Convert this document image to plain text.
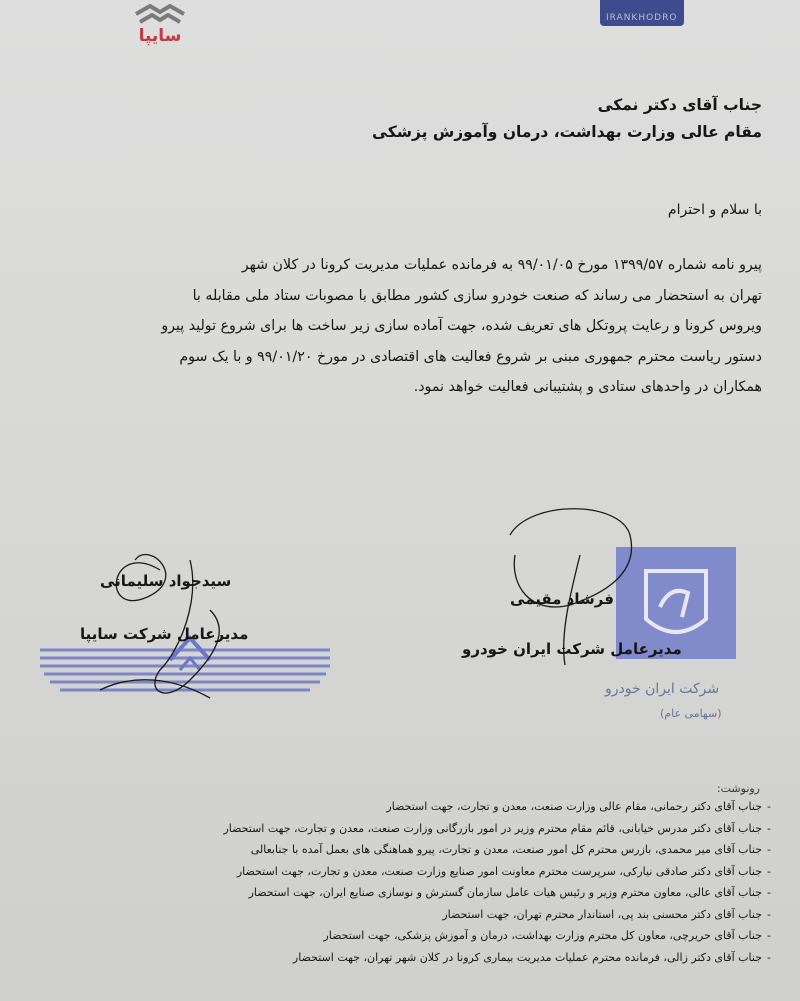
سایپا
IRANKHODRO
جناب آقای دکتر نمکی
مقام عالی وزارت بهداشت، درمان وآموزش پزشکی
با سلام و احترام

پیرو نامه شماره ۱۳۹۹/۵۷ مورخ ۹۹/۰۱/۰۵ به فرمانده عملیات مدیریت کرونا در کلان شهر

تهران به استحضار می رساند که صنعت خودرو سازی کشور مطابق با مصوبات ستاد ملی مقابله با

ویروس کرونا و رعایت پروتکل های تعریف شده، جهت آماده سازی زیر ساخت ها برای شروع تولید پیرو

دستور ریاست محترم جمهوری مبنی بر شروع فعالیت های اقتصادی در مورخ ۹۹/۰۱/۲۰ و با یک سوم

همکاران در واحدهای ستادی و پشتیبانی فعالیت خواهد نمود.

سیدجواد سلیمانی
مدیرعامل شرکت سایپا
فرشاد مقیمی
مدیرعامل شرکت ایران خودرو
شرکت ایران خودرو
(سهامی عام)
رونوشت:
-
جناب آقای دکتر رحمانی، مقام عالی وزارت صنعت، معدن و تجارت، جهت استحضار
-
جناب آقای دکتر مدرس خیابانی، قائم مقام محترم وزیر در امور بازرگانی وزارت صنعت، معدن و تجارت، جهت استحضار
-
جناب آقای میر محمدی، بازرس محترم کل امور صنعت، معدن و تجارت، پیرو هماهنگی های بعمل آمده با جنابعالی
-
جناب آقای دکتر صادقی نیارکی، سرپرست محترم معاونت امور صنایع وزارت صنعت، معدن و تجارت، جهت استحضار
-
جناب آقای عالی، معاون محترم وزیر و رئیس هیات عامل سازمان گسترش و نوسازی صنایع ایران، جهت استحضار
-
جناب آقای دکتر محسنی بند پی، استاندار محترم تهران، جهت استحضار
-
جناب آقای حریرچی، معاون کل محترم وزارت بهداشت، درمان و آموزش پزشکی، جهت استحضار
-
جناب آقای دکتر زالی، فرمانده محترم عملیات مدیریت بیماری کرونا در کلان شهر تهران، جهت استحضار
